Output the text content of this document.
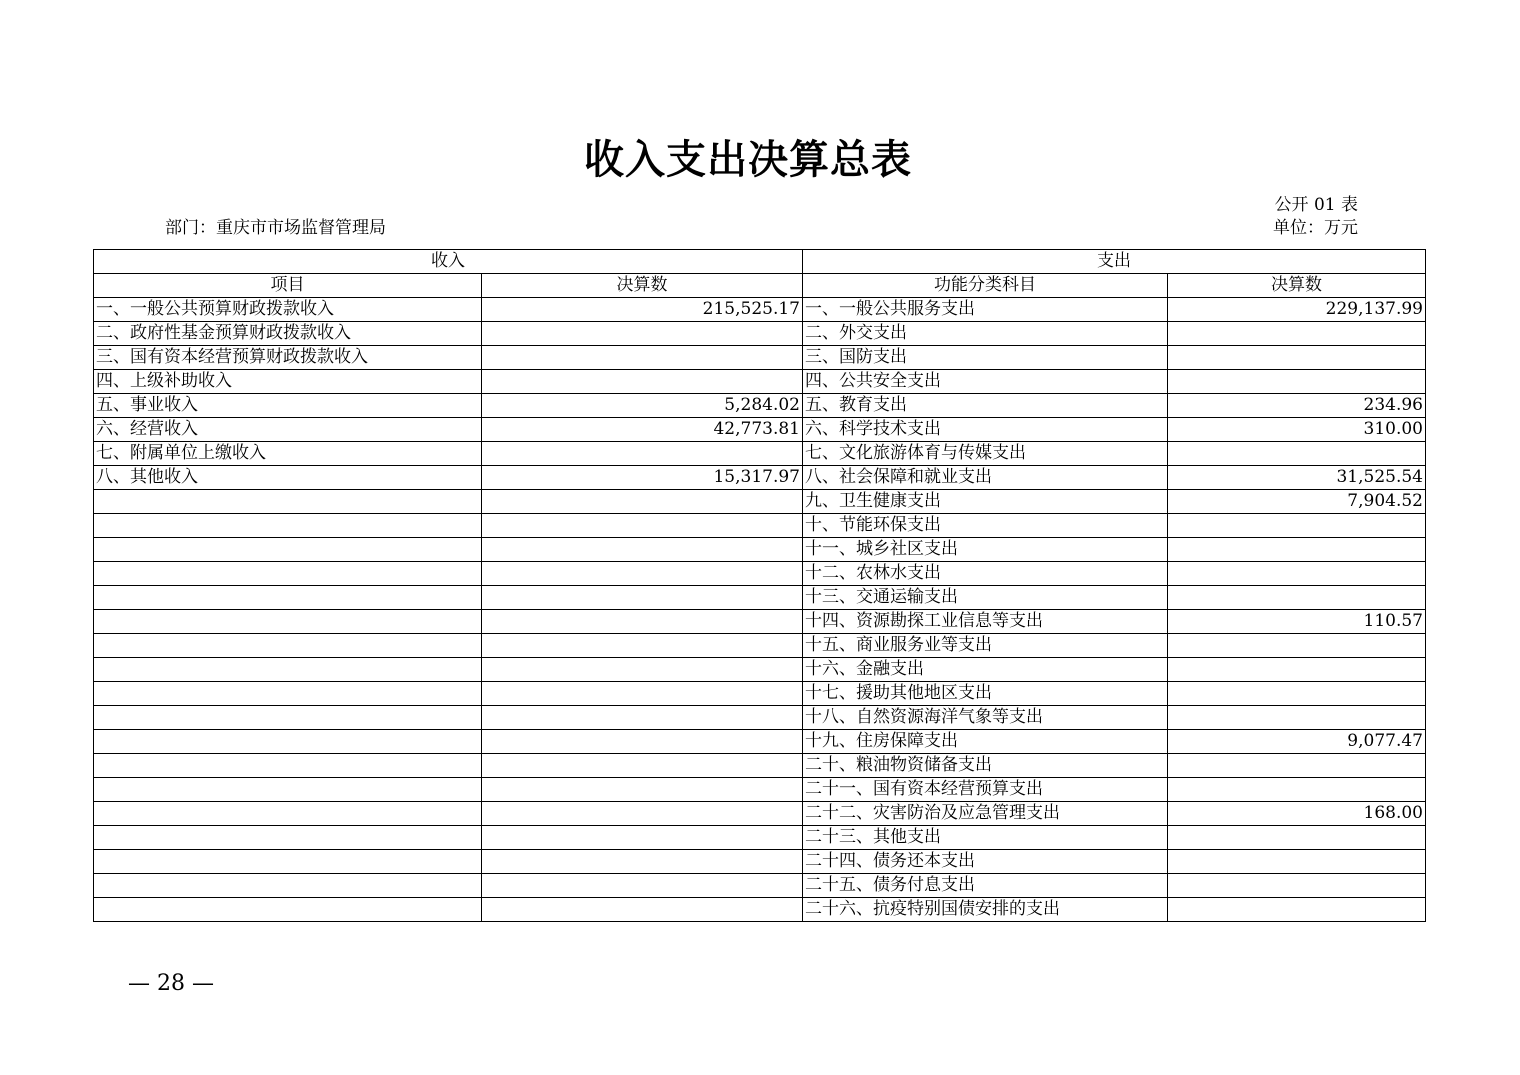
收入支出决算总表
公开 01 表
部门：重庆市市场监督管理局	单位：万元
收入		支出	
项目	决算数	功能分类科目	决算数
一、一般公共预算财政拨款收入	215,525.17	一、一般公共服务支出	229,137.99
二、政府性基金预算财政拨款收入		二、外交支出	
三、国有资本经营预算财政拨款收入		三、国防支出	
四、上级补助收入		四、公共安全支出	
五、事业收入	5,284.02	五、教育支出	234.96
六、经营收入	42,773.81	六、科学技术支出	310.00
七、附属单位上缴收入		七、文化旅游体育与传媒支出	
八、其他收入	15,317.97	八、社会保障和就业支出	31,525.54
		九、卫生健康支出	7,904.52
		十、节能环保支出	
		十一、城乡社区支出	
		十二、农林水支出	
		十三、交通运输支出	
		十四、资源勘探工业信息等支出	110.57
		十五、商业服务业等支出	
		十六、金融支出	
		十七、援助其他地区支出	
		十八、自然资源海洋气象等支出	
		十九、住房保障支出	9,077.47
		二十、粮油物资储备支出	
		二十一、国有资本经营预算支出	
		二十二、灾害防治及应急管理支出	168.00
		二十三、其他支出	
		二十四、债务还本支出	
		二十五、债务付息支出	
		二十六、抗疫特别国债安排的支出	
— 28 —
